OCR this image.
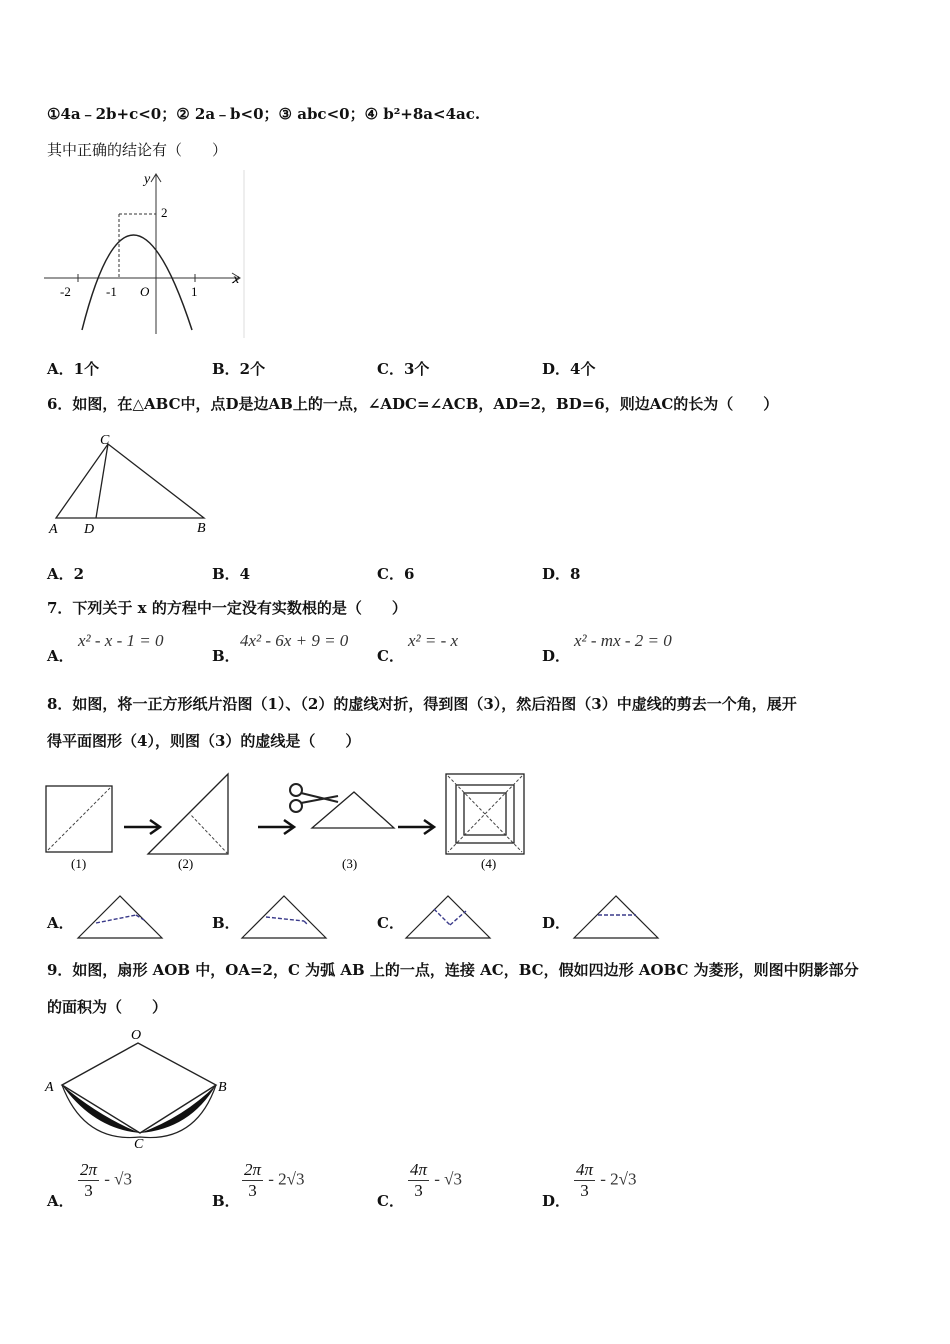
①4a﹣2b+c<0；② 2a﹣b<0；③ abc<0；④ b²+8a<4ac.
其中正确的结论有（　　）
y
x
2
-2	-1 O	1
A．1个	B．2个	C．3个	D．4个
6．如图，在△ABC中，点D是边AB上的一点，∠ADC=∠ACB，AD=2，BD=6，则边AC的长为（　　）
C
A D	B
A．2	B．4	C．6	D．8
7．下列关于 x 的方程中一定没有实数根的是（　　）
A．
x² - x - 1 = 0
B．
4x² - 6x + 9 = 0
C．
x² = - x
D．
x² - mx - 2 = 0
8．如图，将一正方形纸片沿图（1）、（2）的虚线对折，得到图（3），然后沿图（3）中虚线的剪去一个角，展开
得平面图形（4），则图（3）的虚线是（　　）
(1)	(2)	(3)	(4)
A．	B．	C．	D．
9．如图，扇形 AOB 中，OA=2，C 为弧 AB 上的一点，连接 AC，BC，假如四边形 AOBC 为菱形，则图中阴影部分
的面积为（　　）
O
A	B
C
A． $\frac{2\pi}{3} - √3$
B． $\frac{2\pi}{3} - 2√3$
C． $\frac{4\pi}{3} - √3$
D． $\frac{4\pi}{3} - 2√3$
